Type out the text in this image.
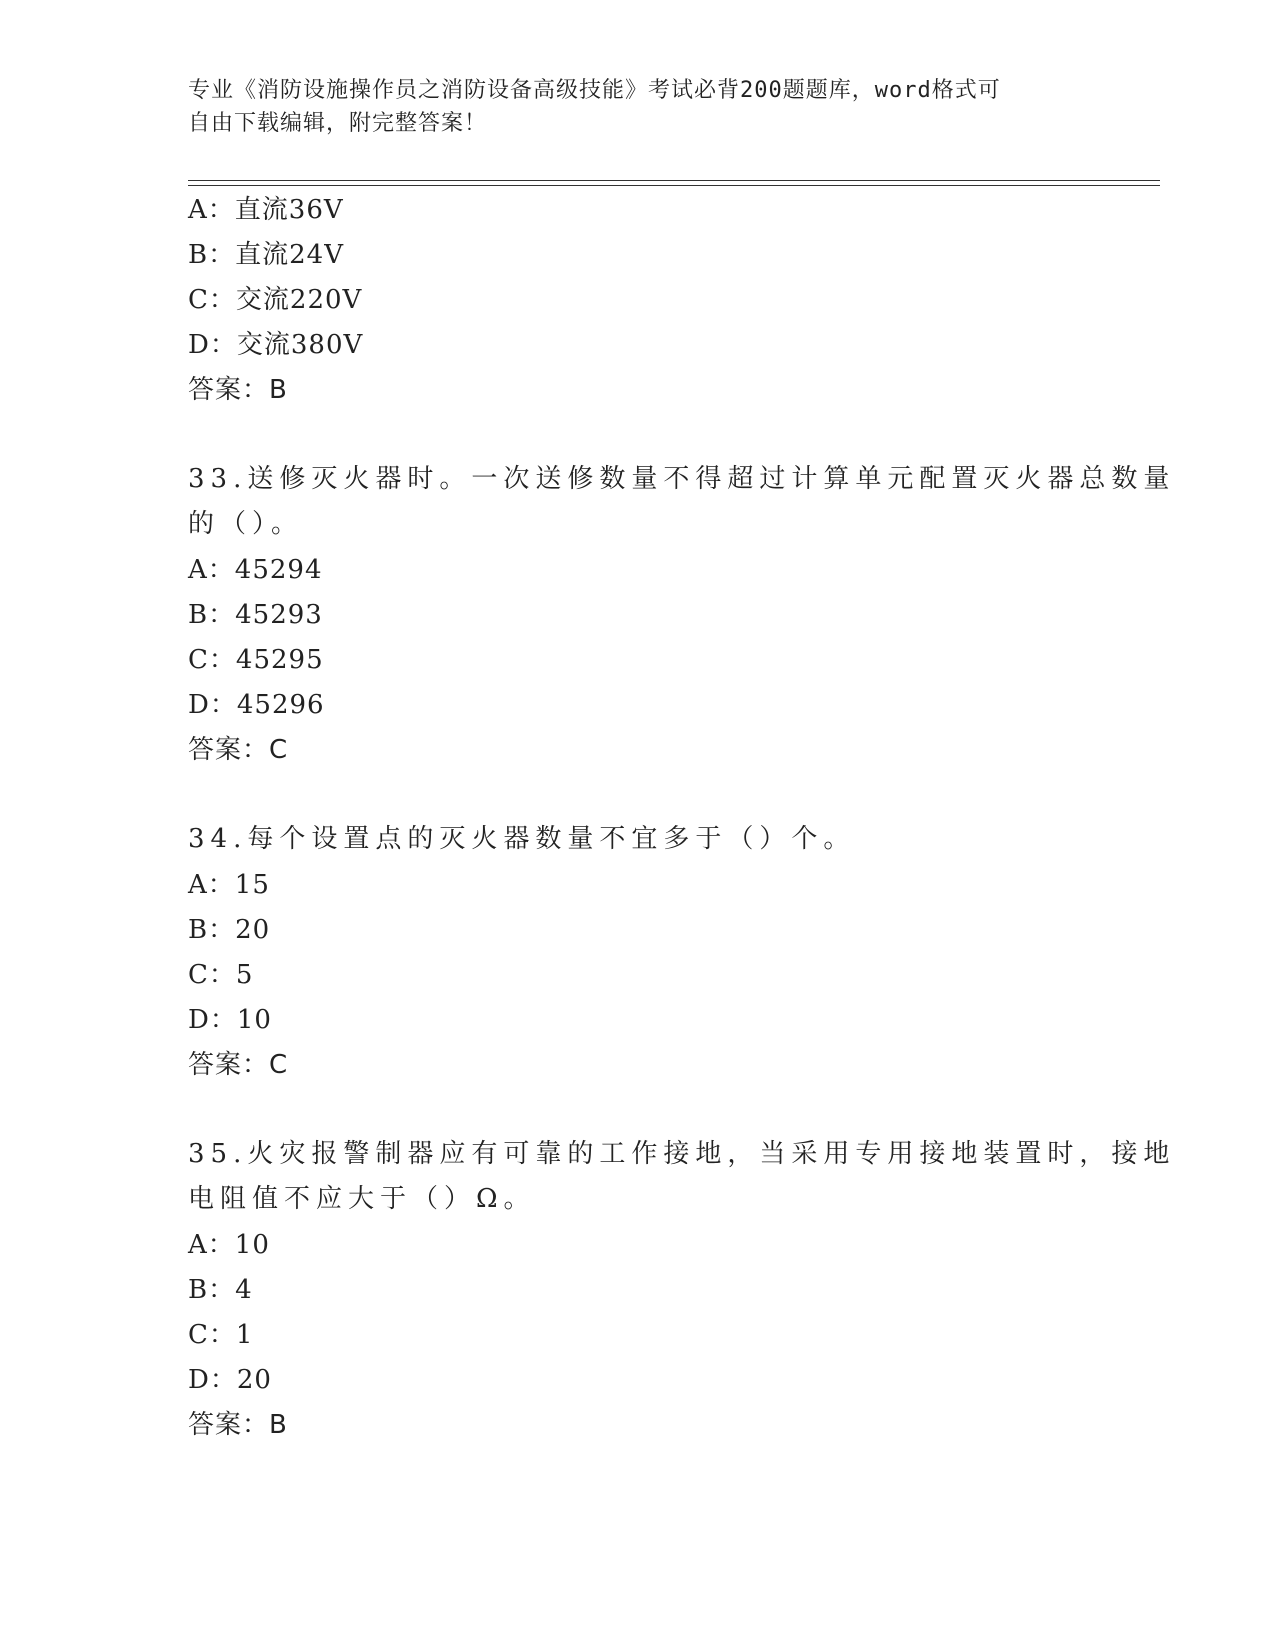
专业《消防设施操作员之消防设备高级技能》考试必背200题题库，word格式可
自由下载编辑，附完整答案！
A：直流36V
B：直流24V
C：交流220V
D：交流380V
答案：B
33.送修灭火器时。一次送修数量不得超过计算单元配置灭火器总数量
的（）。
A：45294
B：45293
C：45295
D：45296
答案：C
34.每个设置点的灭火器数量不宜多于（）个。
A：15
B：20
C：5
D：10
答案：C
35.火灾报警制器应有可靠的工作接地，当采用专用接地装置时，接地
电阻值不应大于（）Ω。
A：10
B：4
C：1
D：20
答案：B
